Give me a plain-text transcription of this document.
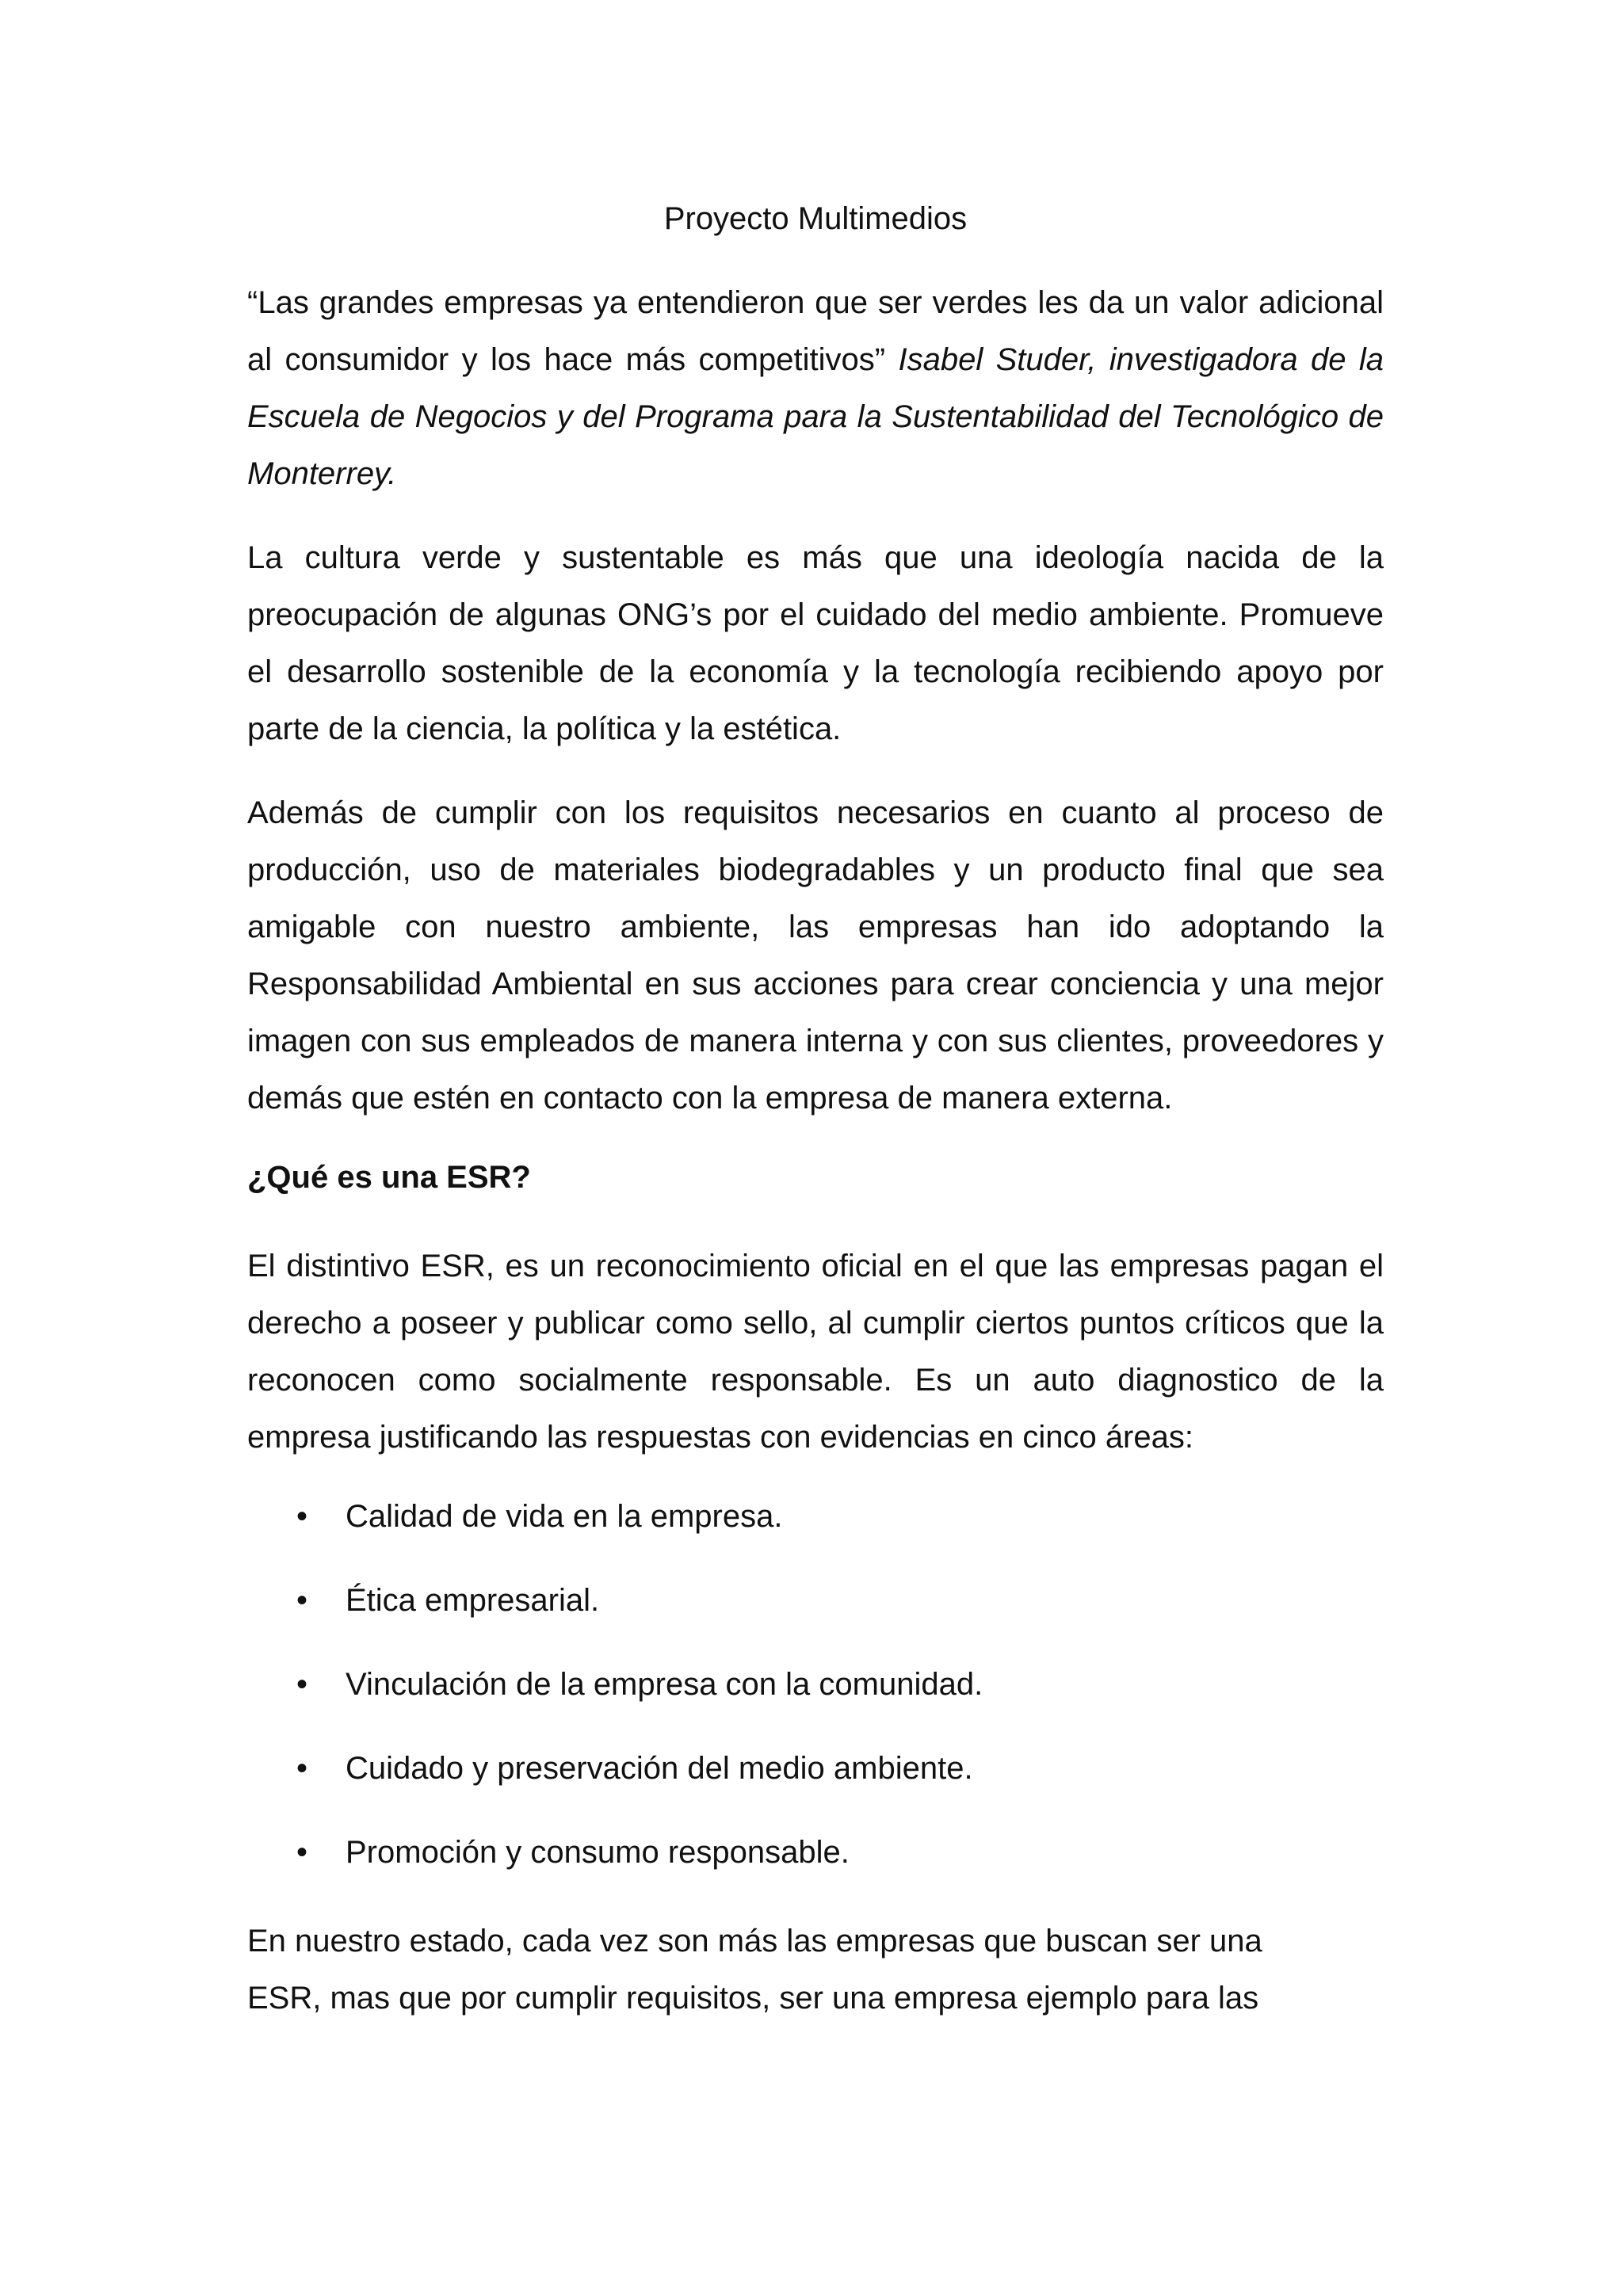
Proyecto Multimedios

“Las grandes empresas ya entendieron que ser verdes les da un valor adicional al consumidor y los hace más competitivos” Isabel Studer, investigadora de la Escuela de Negocios y del Programa para la Sustentabilidad del Tecnológico de Monterrey.

La cultura verde y sustentable es más que una ideología nacida de la preocupación de algunas ONG’s por el cuidado del medio ambiente. Promueve el desarrollo sostenible de la economía y la tecnología recibiendo apoyo por parte de la ciencia, la política y la estética.

Además de cumplir con los requisitos necesarios en cuanto al proceso de producción, uso de materiales biodegradables y un producto final que sea amigable con nuestro ambiente, las empresas han ido adoptando la Responsabilidad Ambiental en sus acciones para crear conciencia y una mejor imagen con sus empleados de manera interna y con sus clientes, proveedores y demás que estén en contacto con la empresa de manera externa.

¿Qué es una ESR?

El distintivo ESR, es un reconocimiento oficial en el que las empresas pagan el derecho a poseer y publicar como sello, al cumplir ciertos puntos críticos que la reconocen como socialmente responsable. Es un auto diagnostico de la empresa justificando las respuestas con evidencias en cinco áreas:

• Calidad de vida en la empresa.
• Ética empresarial.
• Vinculación de la empresa con la comunidad.
• Cuidado y preservación del medio ambiente.
• Promoción y consumo responsable.

En nuestro estado, cada vez son más las empresas que buscan ser una
ESR, mas que por cumplir requisitos, ser una empresa ejemplo para las
